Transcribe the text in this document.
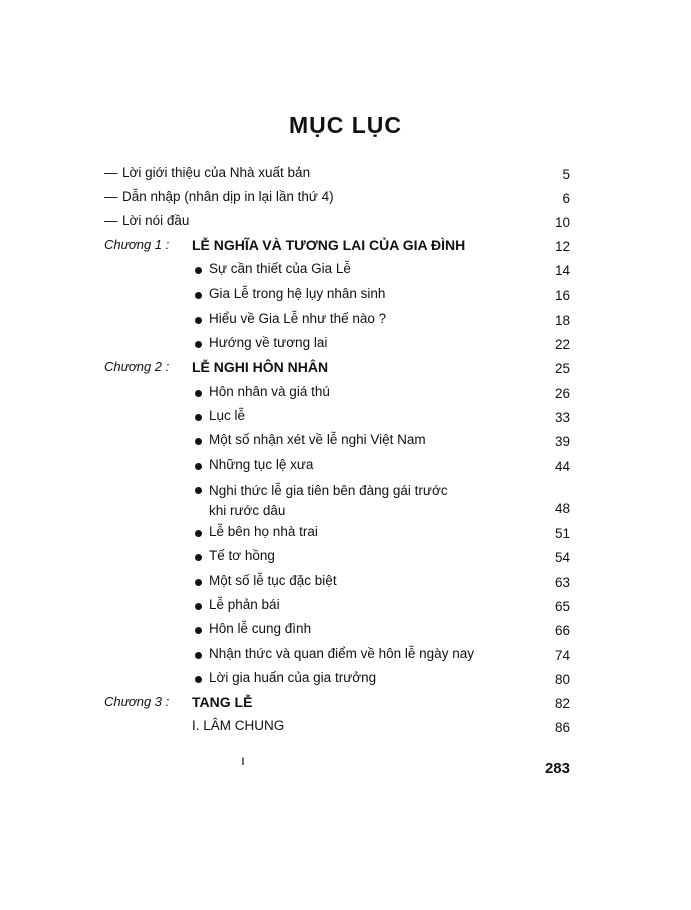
MỤC LỤC
— Lời giới thiệu của Nhà xuất bản	5
— Dẫn nhập (nhân dịp in lại lần thứ 4)	6
— Lời nói đầu	10
Chương 1 : LỄ NGHĨA VÀ TƯƠNG LAI CỦA GIA ĐÌNH	12
Sự cần thiết của Gia Lễ	14
Gia Lễ trong hệ lụy nhân sinh	16
Hiểu về Gia Lễ như thế nào ?	18
Hướng về tương lai	22
Chương 2 : LỄ NGHI HÔN NHÂN	25
Hôn nhân và giá thú	26
Lục lễ	33
Một số nhận xét về lễ nghi Việt Nam	39
Những tục lệ xưa	44
Nghi thức lễ gia tiên bên đàng gái trước
khi rước dâu	48
Lễ bên họ nhà trai	51
Tế tơ hồng	54
Một số lễ tục đặc biệt	63
Lễ phản bái	65
Hôn lễ cung đình	66
Nhận thức và quan điểm về hôn lễ ngày nay	74
Lời gia huấn của gia trưởng	80
Chương 3 : TANG LỄ	82
I. LÂM CHUNG	86
ı	283
